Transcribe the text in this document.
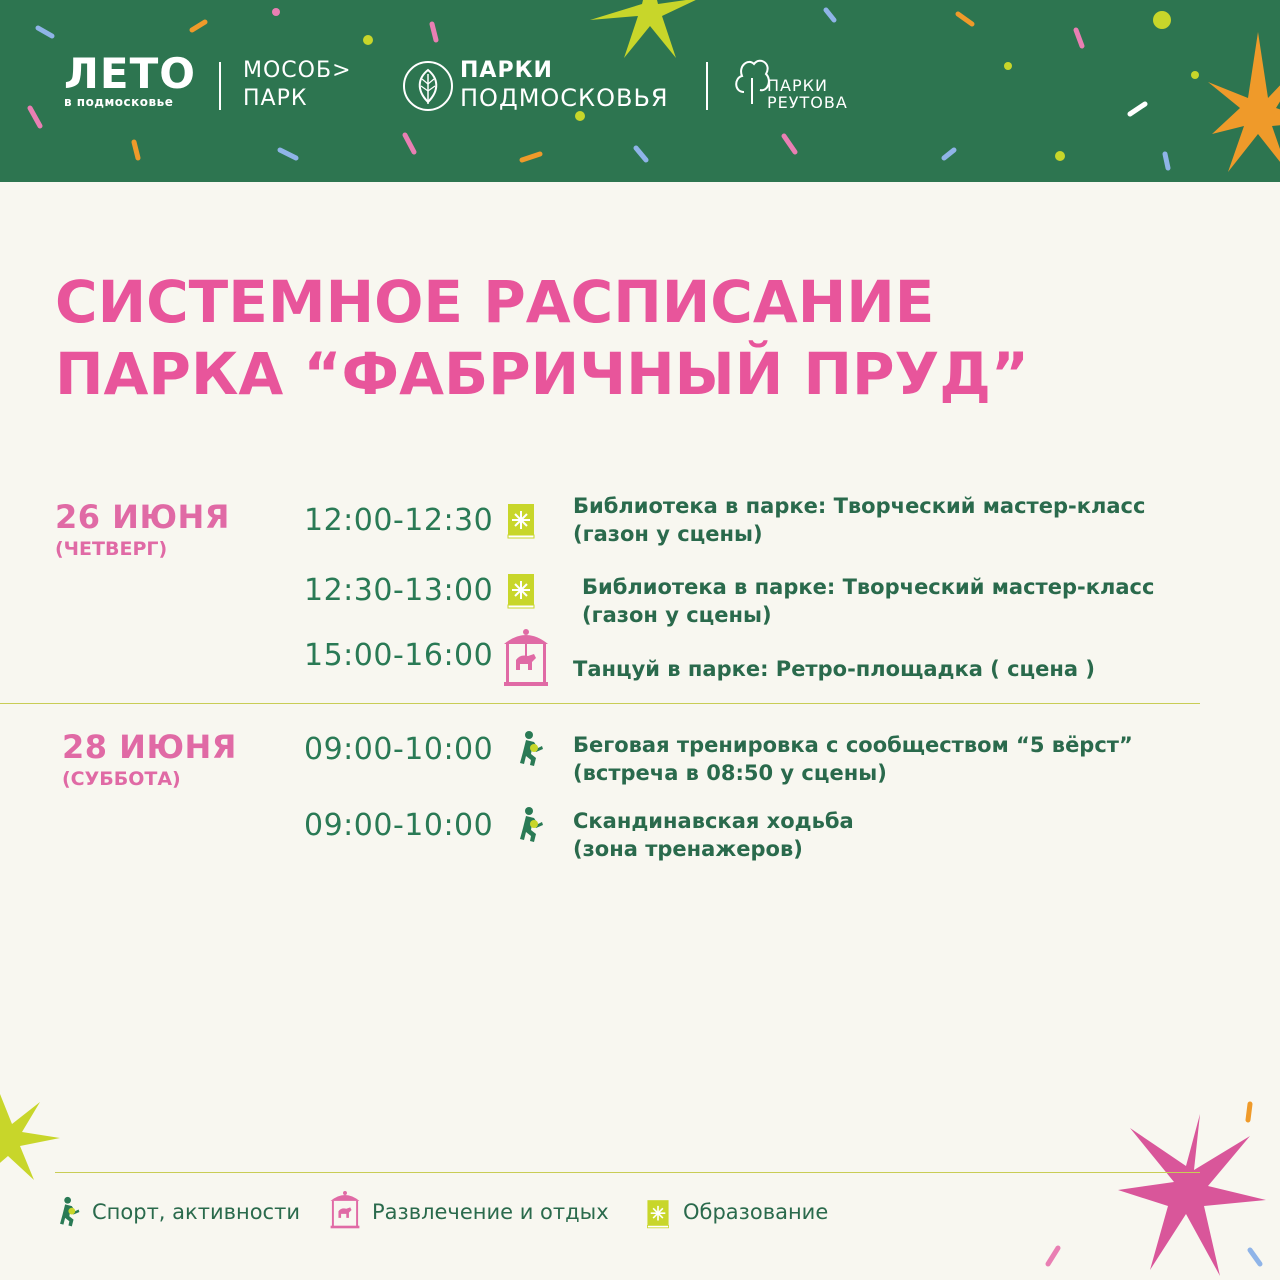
ЛЕТО
в подмосковье
МОСОБ>
ПАРК
ПАРКИ
ПОДМОСКОВЬЯ	ПАРКИ
РЕУТОВА
СИСТЕМНОЕ РАСПИСАНИЕ
ПАРКА “ФАБРИЧНЫЙ ПРУД”
26 ИЮНЯ
(ЧЕТВЕРГ)
12:00-12:30	Библиотека в парке: Творческий мастер-класс
(газон у сцены)
12:30-13:00	Библиотека в парке: Творческий мастер-класс
(газон у сцены)
15:00-16:00	Танцуй в парке: Ретро-площадка ( сцена )
28 ИЮНЯ
(СУББОТА)
09:00-10:00	Беговая тренировка с сообществом “5 вёрст”
(встреча в 08:50 у сцены)
09:00-10:00	Скандинавская ходьба
(зона тренажеров)
Спорт, активности	Развлечение и отдых	Образование
